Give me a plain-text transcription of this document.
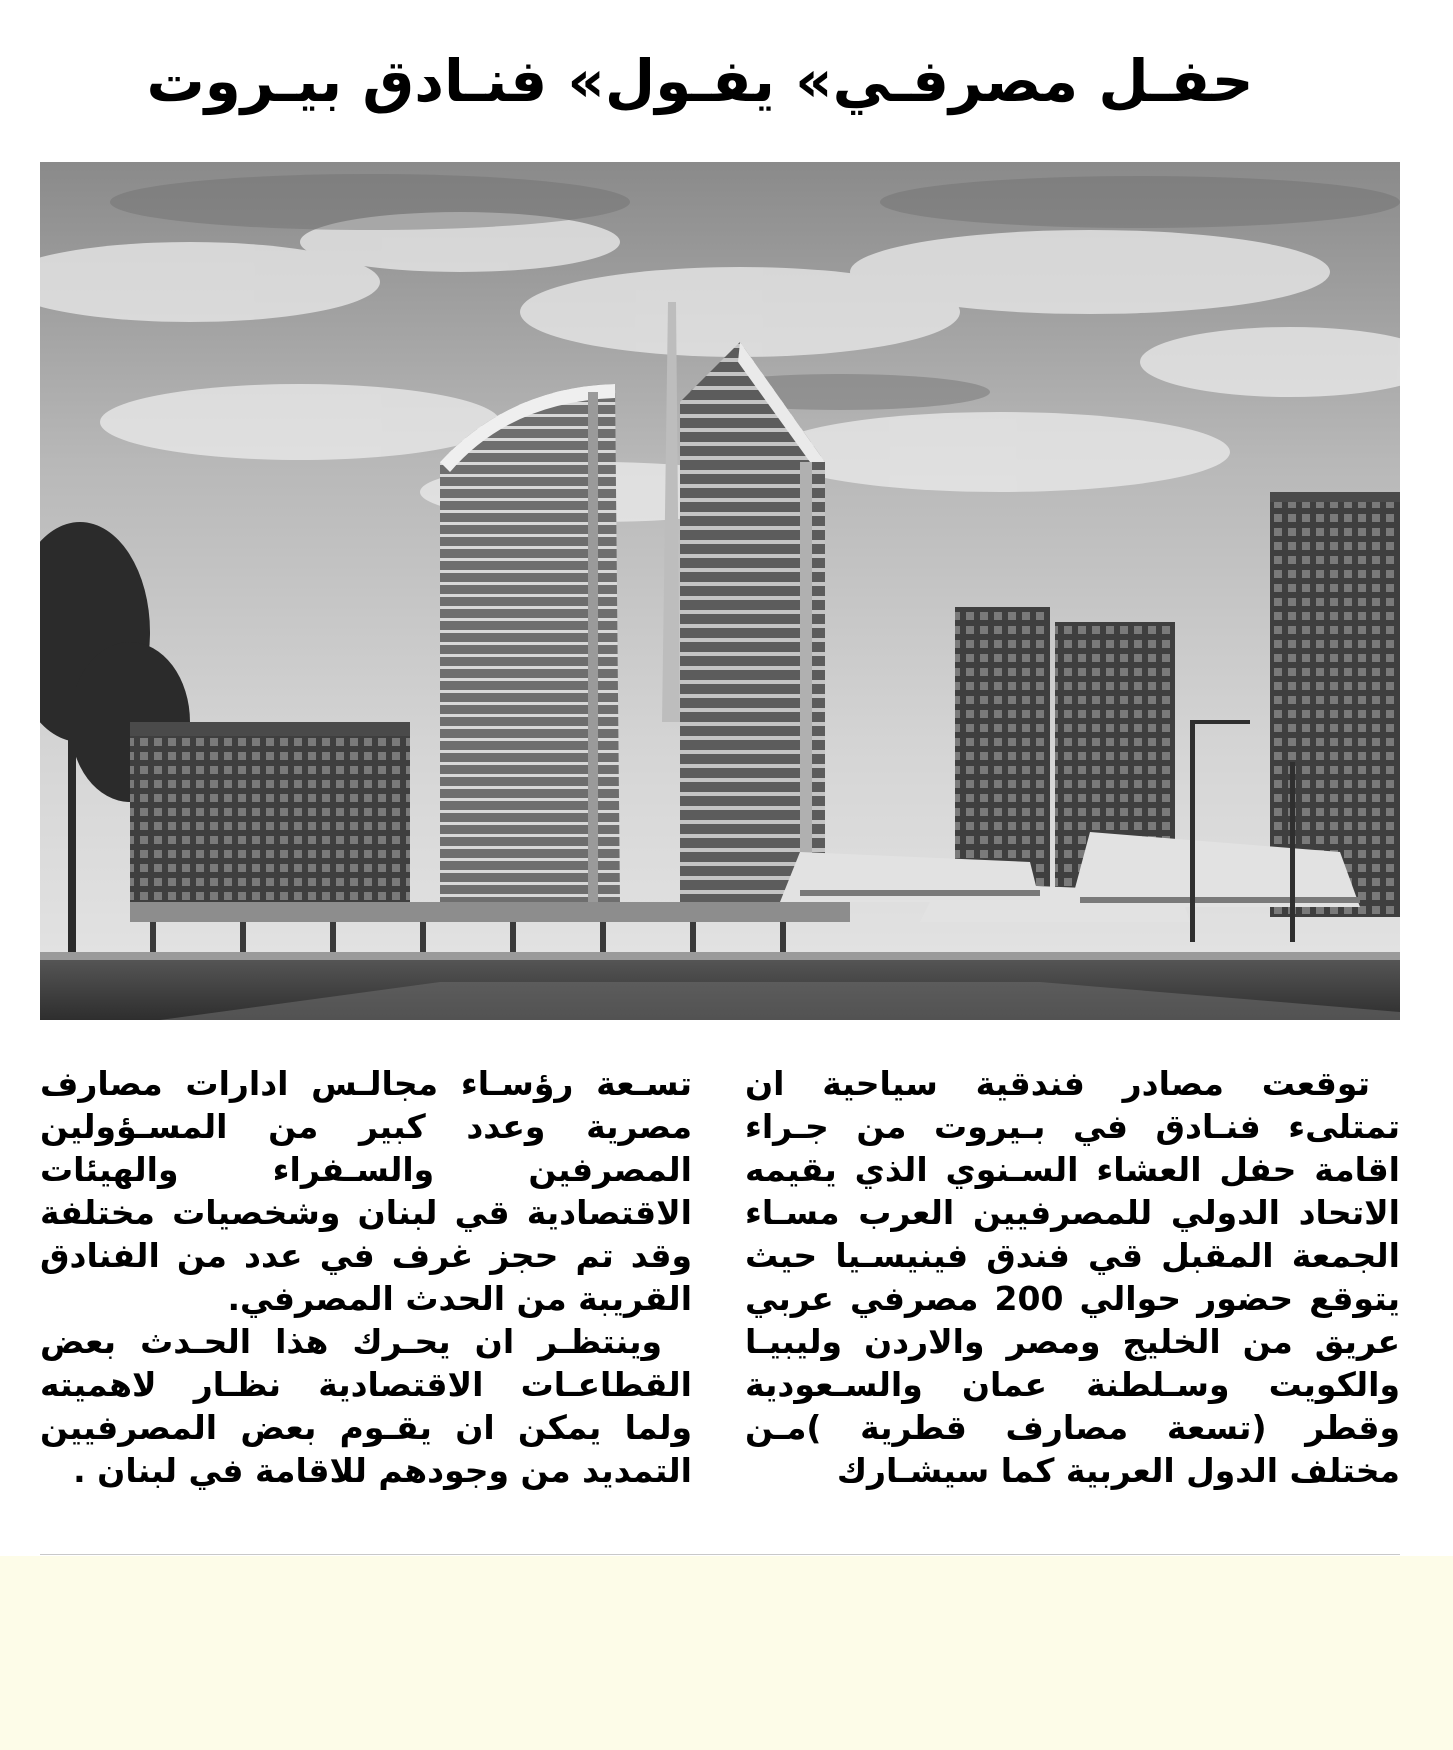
حفـل مصرفـي» يفـول» فنـادق بيـروت

توقعت مصادر فندقية سياحية ان تمتلىء فنـادق في بـيروت من جـراء اقامة حفل العشاء السـنوي الذي يقيمه الاتحاد الدولي للمصرفيين العرب مسـاء الجمعة المقبل قي فندق فينيسـيا حيث يتوقع حضور حوالي 200 مصرفي عربي عريق من الخليج ومصر والاردن وليبيـا والكويت وسـلطنة عمان والسـعودية وقطر (تسعة مصارف قطرية )مـن مختلف الدول العربية كما سيشـارك

تسـعة رؤسـاء مجالـس ادارات مصارف مصرية وعدد كبير من المسـؤولين المصرفين والسـفراء والهيئات الاقتصادية قي لبنان وشخصيات مختلفة وقد تم حجز غرف في عدد من الفنادق القريبة من الحدث المصرفي.

وينتظـر ان يحـرك هذا الحـدث بعض القطاعـات الاقتصادية نظـار لاهميته ولما يمكن ان يقـوم بعض المصرفيين التمديد من وجودهم للاقامة في لبنان .
